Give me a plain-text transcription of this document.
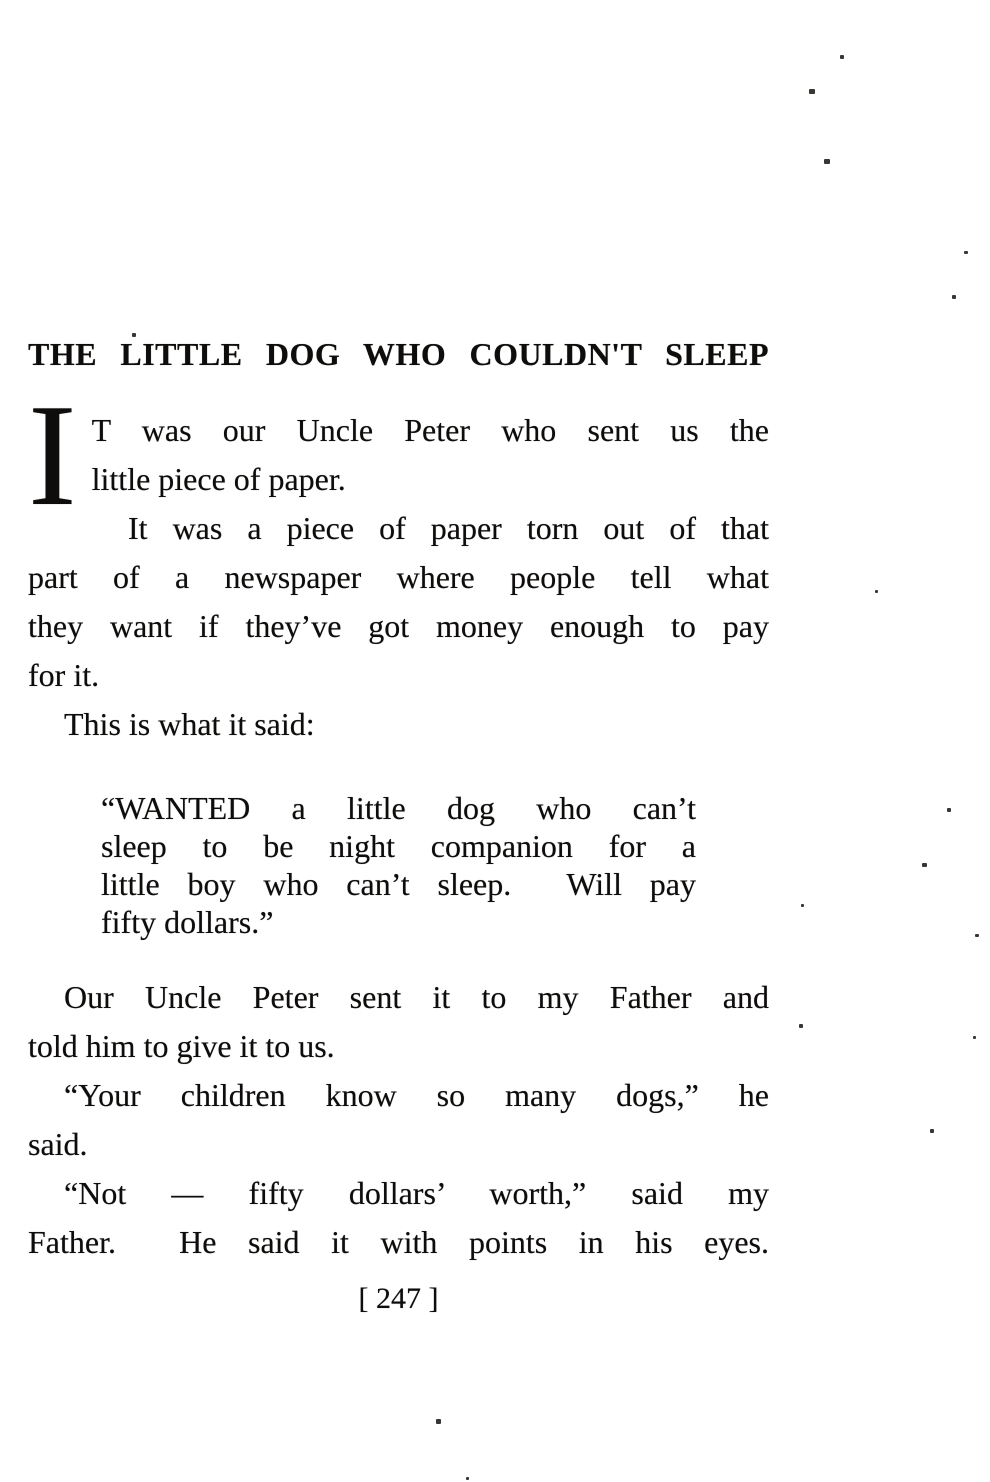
THE LITTLE DOG WHO COULDN'T SLEEP
I T was our Uncle Peter who sent us the
little piece of paper.
It was a piece of paper torn out of that
part of a newspaper where people tell what
they want if they’ve got money enough to pay
for it.
This is what it said:
“WANTED a little dog who can’t
sleep to be night companion for a
little boy who can’t sleep.  Will pay
fifty dollars.”
Our Uncle Peter sent it to my Father and
told him to give it to us.
“Your children know so many dogs,” he
said.
“Not — fifty dollars’ worth,” said my
Father.  He said it with points in his eyes.
[ 247 ]
